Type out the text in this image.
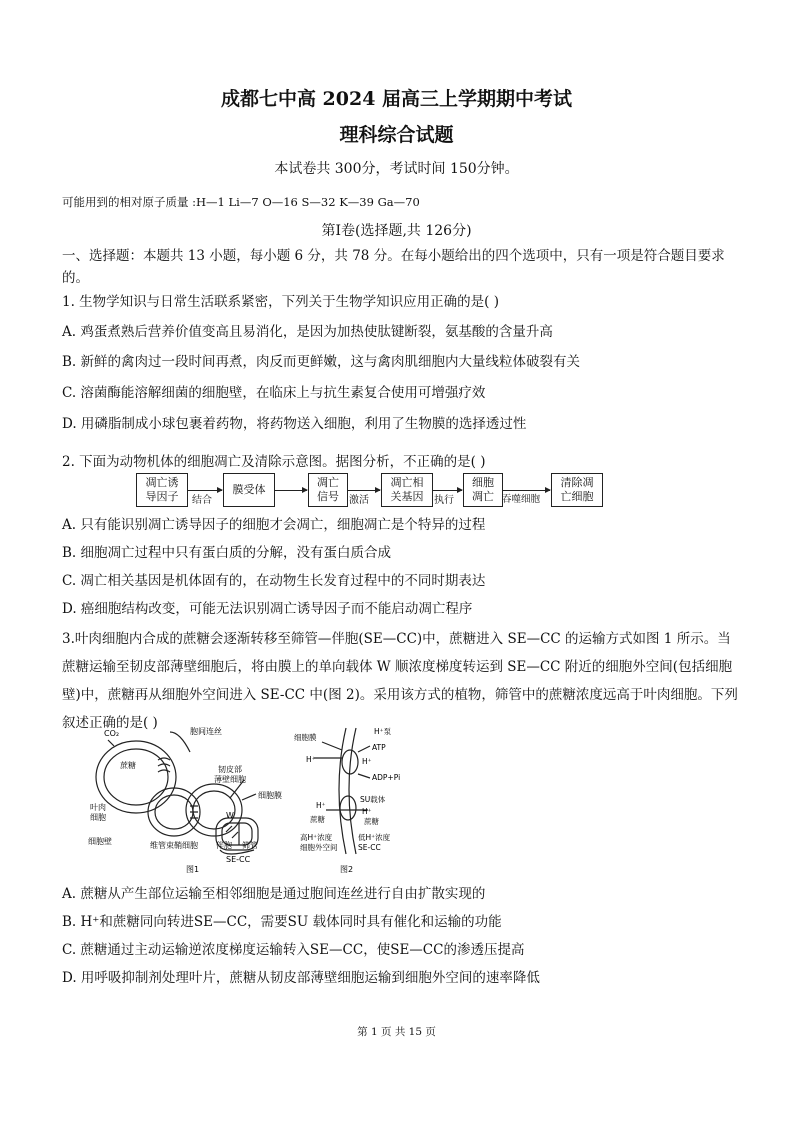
成都七中高 2024 届高三上学期期中考试
理科综合试题
本试卷共 300分，考试时间 150分钟。
可能用到的相对原子质量 :H—1 Li—7 O—16 S—32 K—39 Ga—70
第Ⅰ卷(选择题,共 126分)
一、选择题：本题共 13 小题，每小题 6 分，共 78 分。在每小题给出的四个选项中，只有一项是符合题目要求的。
1. 生物学知识与日常生活联系紧密，下列关于生物学知识应用正确的是( )
A. 鸡蛋煮熟后营养价值变高且易消化，是因为加热使肽键断裂，氨基酸的含量升高
B. 新鲜的禽肉过一段时间再煮，肉反而更鲜嫩，这与禽肉肌细胞内大量线粒体破裂有关
C. 溶菌酶能溶解细菌的细胞壁，在临床上与抗生素复合使用可增强疗效
D. 用磷脂制成小球包裹着药物，将药物送入细胞，利用了生物膜的选择透过性
2. 下面为动物机体的细胞凋亡及清除示意图。据图分析，不正确的是( )
凋亡诱
导因子	结合
膜受体
凋亡
信号	激活
凋亡相
关基因	执行
细胞
凋亡 吞噬细胞
清除凋
亡细胞
A. 只有能识别凋亡诱导因子的细胞才会凋亡，细胞凋亡是个特异的过程
B. 细胞凋亡过程中只有蛋白质的分解，没有蛋白质合成
C. 凋亡相关基因是机体固有的，在动物生长发育过程中的不同时期表达
D. 癌细胞结构改变，可能无法识别凋亡诱导因子而不能启动凋亡程序
3.叶肉细胞内合成的蔗糖会逐渐转移至筛管—伴胞(SE—CC)中，蔗糖进入 SE—CC 的运输方式如图 1 所示。当蔗糖运输至韧皮部薄壁细胞后，将由膜上的单向载体 W 顺浓度梯度转运到 SE—CC 附近的细胞外空间(包括细胞壁)中，蔗糖再从细胞外空间进入 SE-CC 中(图 2)。采用该方式的植物，筛管中的蔗糖浓度远高于叶肉细胞。下列叙述正确的是( )
CO₂
蔗糖
胞间连丝
韧皮部
薄壁细胞
细胞膜
叶肉
细胞	W
细胞壁	维管束鞘细胞 伴胞 筛管
SE-CC
图1
细胞膜
H⁺泵
ATP
H⁺	H⁺
ADP+Pi
SU载体
H⁺
H⁺
蔗糖	蔗糖
高H⁺浓度
细胞外空间
低H⁺浓度
SE-CC
图2
A. 蔗糖从产生部位运输至相邻细胞是通过胞间连丝进行自由扩散实现的
B. H⁺和蔗糖同向转进SE—CC，需要SU 载体同时具有催化和运输的功能
C. 蔗糖通过主动运输逆浓度梯度运输转入SE—CC，使SE—CC的渗透压提高
D. 用呼吸抑制剂处理叶片，蔗糖从韧皮部薄壁细胞运输到细胞外空间的速率降低
第 1 页 共 15 页
